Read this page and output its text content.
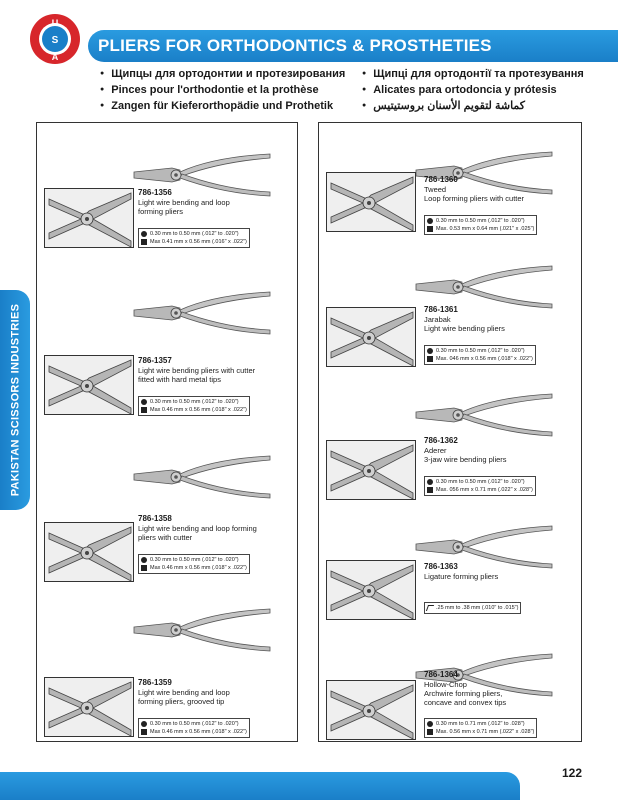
U
S
A
PLIERS FOR ORTHODONTICS & PROSTHETIES
● Щипцы для ортодонтии и протезирования
● Pinces pour l'orthodontie et la prothèse
● Zangen für Kieferorthopädie und Prothetik
● Щипці для ортодонтії та протезування
● Alicates para ortodoncia y prótesis
● كماشة لتقويم الأسنان بروستيتيس
PAKISTAN SCISSORS INDUSTRIES
786-1356
Light wire bending and loop
forming pliers
0.30 mm to 0.50 mm (.012" to .020")
Max 0.41 mm x 0.56 mm (.016" x .022")
786-1357
Light wire bending pliers with cutter
fitted with hard metal tips
0.30 mm to 0.50 mm (.012" to .020")
Max 0.46 mm x 0.56 mm (.018" x .022")
786-1358
Light wire bending and loop forming
pliers with cutter
0.30 mm to 0.50 mm (.012" to .020")
Max 0.46 mm x 0.56 mm (.018" x .022")
786-1359
Light wire bending and loop
forming pliers, grooved tip
0.30 mm to 0.50 mm (.012" to .020")
Max 0.46 mm x 0.56 mm (.018" x .022")
786-1360
Tweed
Loop forming pliers with cutter
0.30 mm to 0.50 mm (.012" to .020")
Max. 0.53 mm x 0.64 mm (.021" x .025")
786-1361
Jarabak
Light wire bending pliers
0.30 mm to 0.50 mm (.012" to .020")
Max. 046 mm x 0.56 mm (.018" x .022")
786-1362
Aderer
3-jaw wire bending pliers
0.30 mm to 0.50 mm (.012" to .020")
Max. 056 mm x 0.71 mm (.022" x .028")
786-1363
Ligature forming pliers
.25 mm to .38 mm (.010" to .015")
786-1364
Hollow-Chop
Archwire forming pliers,
concave and convex tips
0.30 mm to 0.71 mm (.012" to .028")
Max. 0.56 mm x 0.71 mm (.022" x .028")
122
